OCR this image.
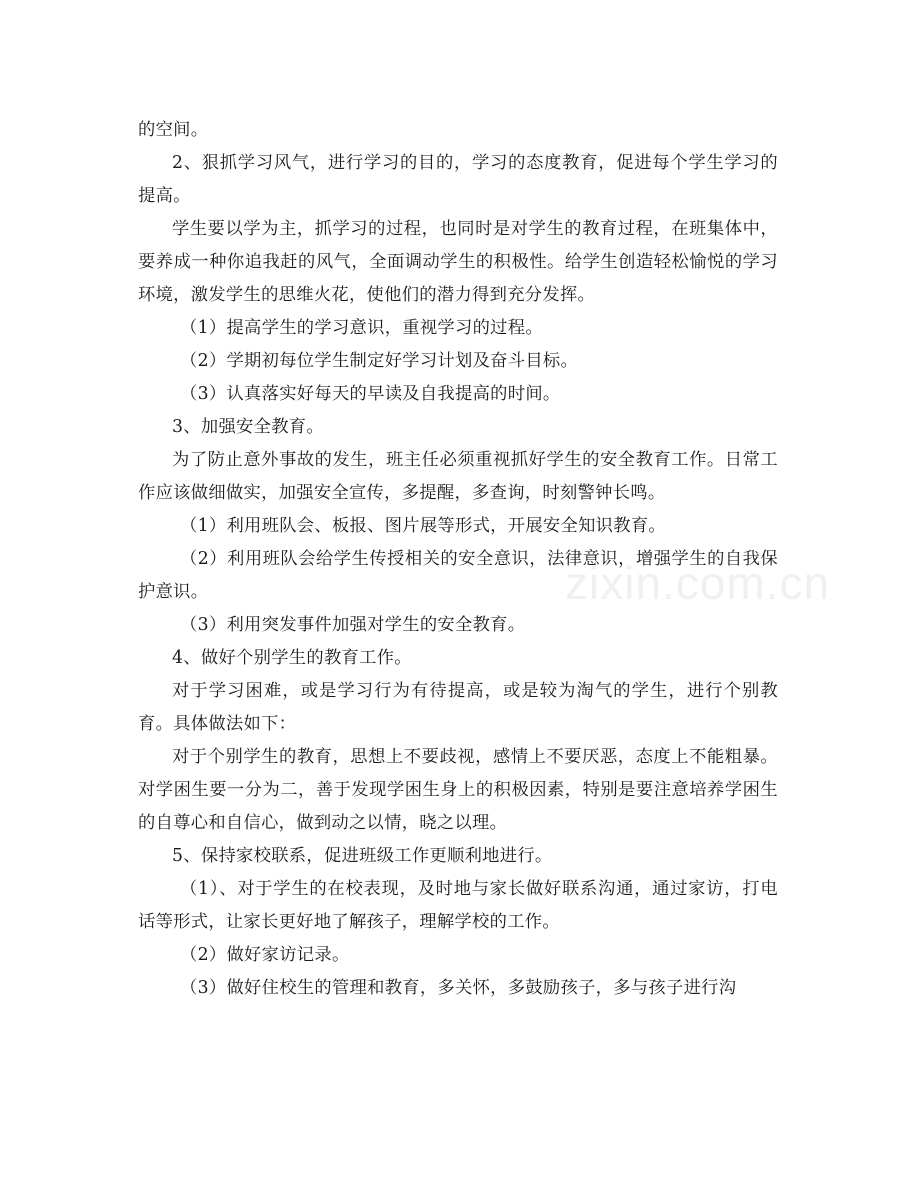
的空间。

2、狠抓学习风气，进行学习的目的，学习的态度教育，促进每个学生学习的提高。

学生要以学为主，抓学习的过程，也同时是对学生的教育过程，在班集体中，要养成一种你追我赶的风气，全面调动学生的积极性。给学生创造轻松愉悦的学习环境，激发学生的思维火花，使他们的潜力得到充分发挥。

（1）提高学生的学习意识，重视学习的过程。

（2）学期初每位学生制定好学习计划及奋斗目标。

（3）认真落实好每天的早读及自我提高的时间。

3、加强安全教育。

为了防止意外事故的发生，班主任必须重视抓好学生的安全教育工作。日常工作应该做细做实，加强安全宣传，多提醒，多查询，时刻警钟长鸣。

（1）利用班队会、板报、图片展等形式，开展安全知识教育。

（2）利用班队会给学生传授相关的安全意识，法律意识，增强学生的自我保护意识。

（3）利用突发事件加强对学生的安全教育。

4、做好个别学生的教育工作。

对于学习困难，或是学习行为有待提高，或是较为淘气的学生，进行个别教育。具体做法如下：

对于个别学生的教育，思想上不要歧视，感情上不要厌恶，态度上不能粗暴。对学困生要一分为二，善于发现学困生身上的积极因素，特别是要注意培养学困生的自尊心和自信心，做到动之以情，晓之以理。

5、保持家校联系，促进班级工作更顺利地进行。

（1）、对于学生的在校表现，及时地与家长做好联系沟通，通过家访，打电话等形式，让家长更好地了解孩子，理解学校的工作。

（2）做好家访记录。

（3）做好住校生的管理和教育，多关怀，多鼓励孩子，多与孩子进行沟

zixin.com.cn
